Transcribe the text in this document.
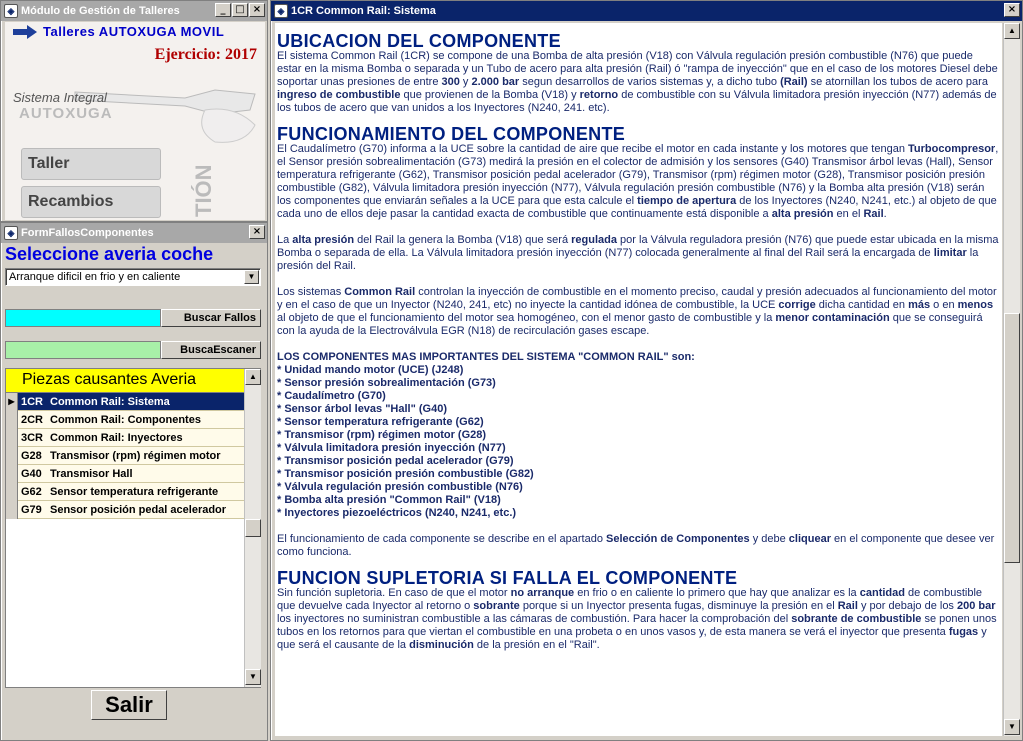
◈ Módulo de Gestión de Talleres	_ □ ×
Talleres AUTOXUGA MOVIL
Ejercicio: 2017
Sistema Integral
AUTOXUGA
Taller
Recambios	TIÓN
◈ FormFallosComponentes	×
Seleccione averia coche
Arranque dificil en frio y en caliente	▼
Buscar Fallos
BuscaEscaner
Piezas causantes Averia
▶ 1CR Common Rail: Sistema
2CR Common Rail: Componentes
3CR Common Rail: Inyectores
G28 Transmisor (rpm) régimen motor
G40 Transmisor Hall
G62 Sensor temperatura refrigerante
G79 Sensor posición pedal acelerador
▲
▼
Salir
◈ 1CR Common Rail: Sistema	×
UBICACION DEL COMPONENTE

El sistema Common Rail (1CR) se compone de una Bomba de alta presión (V18) con Válvula regulación presión combustible (N76) que puede estar en la misma Bomba o separada y un Tubo de acero para alta presión (Rail) ó "rampa de inyección" que en el caso de los motores Diesel debe soportar unas presiones de entre 300 y 2.000 bar segun desarrollos de varios sistemas y, a dicho tubo (Rail) se atornillan los tubos de acero para ingreso de combustible que provienen de la Bomba (V18) y retorno de combustible con su Válvula limitadora presión inyección (N77) además de los tubos de acero que van unidos a los Inyectores (N240, 241. etc).

FUNCIONAMIENTO DEL COMPONENTE

El Caudalímetro (G70) informa a la UCE sobre la cantidad de aire que recibe el motor en cada instante y los motores que tengan Turbocompresor, el Sensor presión sobrealimentación (G73) medirá la presión en el colector de admisión y los sensores (G40) Transmisor árbol levas (Hall), Sensor temperatura refrigerante (G62), Transmisor posición pedal acelerador (G79), Transmisor (rpm) régimen motor (G28), Transmisor posición presión combustible (G82), Válvula limitadora presión inyección (N77), Válvula regulación presión combustible (N76) y la Bomba alta presión (V18) serán los componentes que enviarán señales a la UCE para que esta calcule el tiempo de apertura de los Inyectores (N240, N241, etc.) al objeto de que cada uno de ellos deje pasar la cantidad exacta de combustible que continuamente está disponible a alta presión en el Rail.

La alta presión del Rail la genera la Bomba (V18) que será regulada por la Válvula reguladora presión (N76) que puede estar ubicada en la misma Bomba o separada de ella. La Válvula limitadora presión inyección (N77) colocada generalmente al final del Rail será la encargada de limitar la presión del Rail.

Los sistemas Common Rail controlan la inyección de combustible en el momento preciso, caudal y presión adecuados al funcionamiento del motor y en el caso de que un Inyector (N240, 241, etc) no inyecte la cantidad idónea de combustible, la UCE corrige dicha cantidad en más o en menos al objeto de que el funcionamiento del motor sea homogéneo, con el menor gasto de combustible y la menor contaminación que se conseguirá con la ayuda de la Electroválvula EGR (N18) de recirculación gases escape.

LOS COMPONENTES MAS IMPORTANTES DEL SISTEMA "COMMON RAIL" son:
* Unidad mando motor (UCE) (J248)
* Sensor presión sobrealimentación (G73)
* Caudalímetro (G70)
* Sensor árbol levas "Hall" (G40)
* Sensor temperatura refrigerante (G62)
* Transmisor (rpm) régimen motor (G28)
* Válvula limitadora presión inyección (N77)
* Transmisor posición pedal acelerador (G79)
* Transmisor posición presión combustible (G82)
* Válvula regulación presión combustible (N76)
* Bomba alta presión "Common Rail" (V18)
* Inyectores piezoeléctricos (N240, N241, etc.)

El funcionamiento de cada componente se describe en el apartado Selección de Componentes y debe cliquear en el componente que desee ver como funciona.

FUNCION SUPLETORIA SI FALLA EL COMPONENTE

Sin función supletoria. En caso de que el motor no arranque en frio o en caliente lo primero que hay que analizar es la cantidad de combustible que devuelve cada Inyector al retorno o sobrante porque si un Inyector presenta fugas, disminuye la presión en el Rail y por debajo de los 200 bar los inyectores no suministran combustible a las cámaras de combustión. Para hacer la comprobación del sobrante de combustible se ponen unos tubos en los retornos para que viertan el combustible en una probeta o en unos vasos y, de esta manera se verá el inyector que presenta fugas y que será el causante de la disminución de la presión en el "Rail".

▲
▼
